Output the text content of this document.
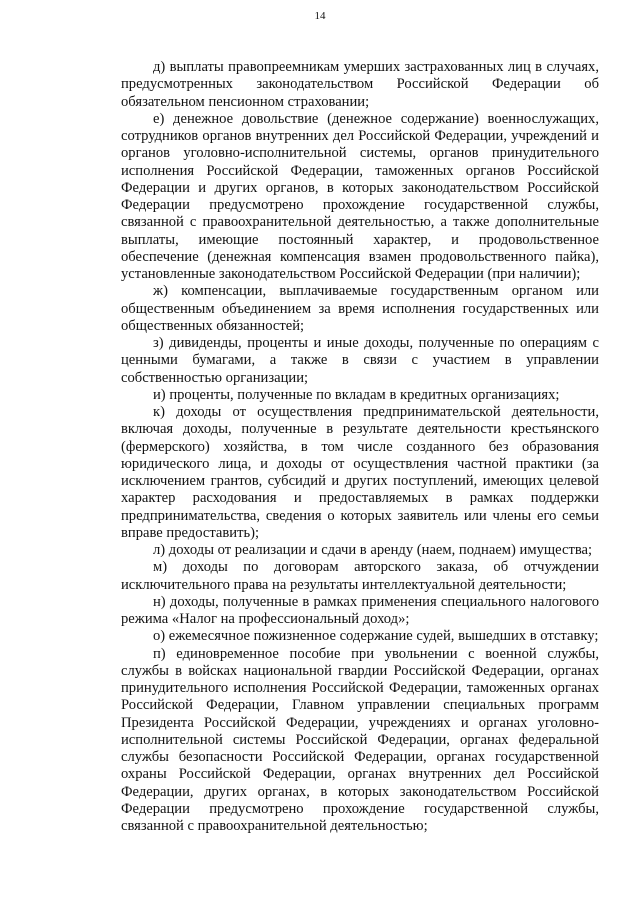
14

д) выплаты правопреемникам умерших застрахованных лиц в случаях, предусмотренных законодательством Российской Федерации об обязательном пенсионном страховании;

е) денежное довольствие (денежное содержание) военнослужащих, сотрудников органов внутренних дел Российской Федерации, учреждений и органов уголовно-исполнительной системы, органов принудительного исполнения Российской Федерации, таможенных органов Российской Федерации и других органов, в которых законодательством Российской Федерации предусмотрено прохождение государственной службы, связанной с правоохранительной деятельностью, а также дополнительные выплаты, имеющие постоянный характер, и продовольственное обеспечение (денежная компенсация взамен продовольственного пайка), установленные законодательством Российской Федерации (при наличии);

ж) компенсации, выплачиваемые государственным органом или общественным объединением за время исполнения государственных или общественных обязанностей;

з) дивиденды, проценты и иные доходы, полученные по операциям с ценными бумагами, а также в связи с участием в управлении собственностью организации;

и) проценты, полученные по вкладам в кредитных организациях;

к) доходы от осуществления предпринимательской деятельности, включая доходы, полученные в результате деятельности крестьянского (фермерского) хозяйства, в том числе созданного без образования юридического лица, и доходы от осуществления частной практики (за исключением грантов, субсидий и других поступлений, имеющих целевой характер расходования и предоставляемых в рамках поддержки предпринимательства, сведения о которых заявитель или члены его семьи вправе предоставить);

л) доходы от реализации и сдачи в аренду (наем, поднаем) имущества;

м) доходы по договорам авторского заказа, об отчуждении исключительного права на результаты интеллектуальной деятельности;

н) доходы, полученные в рамках применения специального налогового режима «Налог на профессиональный доход»;

о) ежемесячное пожизненное содержание судей, вышедших в отставку;

п) единовременное пособие при увольнении с военной службы, службы в войсках национальной гвардии Российской Федерации, органах принудительного исполнения Российской Федерации, таможенных органах Российской Федерации, Главном управлении специальных программ Президента Российской Федерации, учреждениях и органах уголовно-исполнительной системы Российской Федерации, органах федеральной службы безопасности Российской Федерации, органах государственной охраны Российской Федерации, органах внутренних дел Российской Федерации, других органах, в которых законодательством Российской Федерации предусмотрено прохождение государственной службы, связанной с правоохранительной деятельностью;
